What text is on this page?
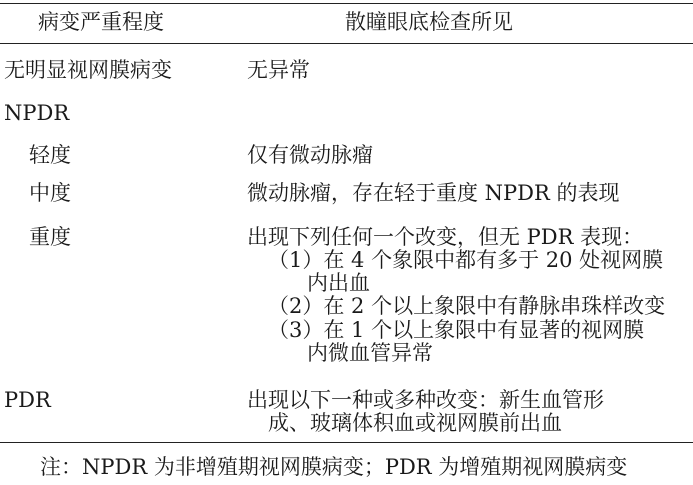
病变严重程度	散瞳眼底检查所见
无明显视网膜病变	无异常
NPDR
轻度	仅有微动脉瘤
中度	微动脉瘤，存在轻于重度 NPDR 的表现
重度	出现下列任何一个改变，但无 PDR 表现：
（1）在 4 个象限中都有多于 20 处视网膜
内出血
（2）在 2 个以上象限中有静脉串珠样改变
（3）在 1 个以上象限中有显著的视网膜
内微血管异常
PDR	出现以下一种或多种改变：新生血管形
成、玻璃体积血或视网膜前出血
注：NPDR 为非增殖期视网膜病变；PDR 为增殖期视网膜病变
